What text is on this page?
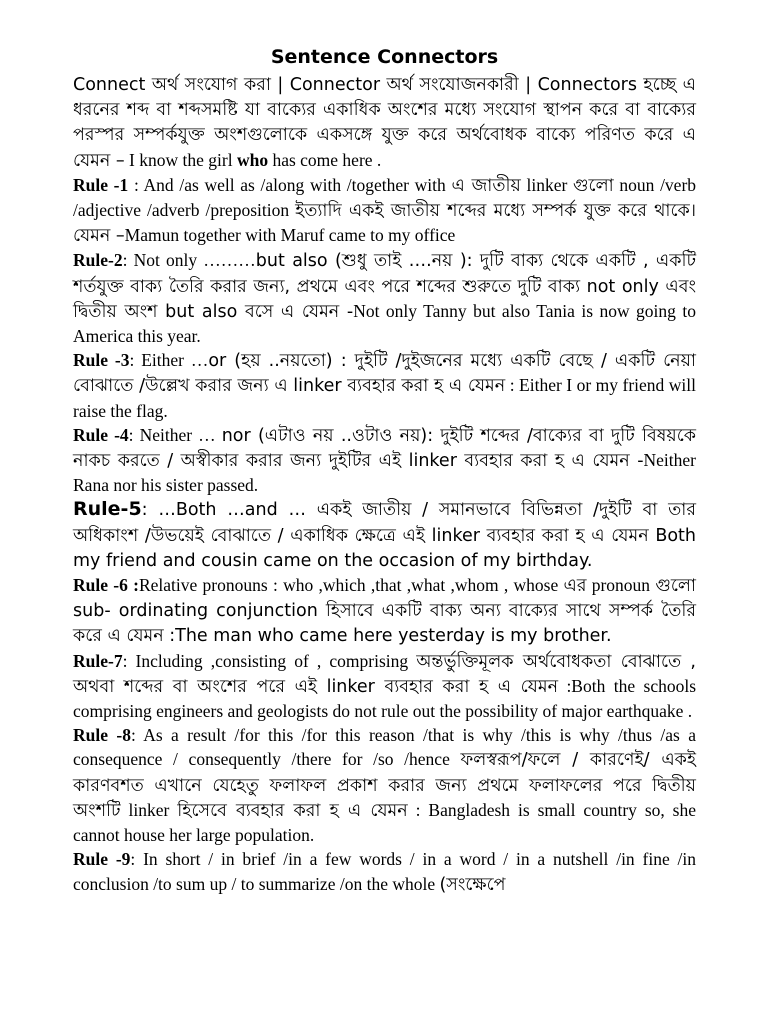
Sentence Connectors

Connect অর্থ সংযোগ করা | Connector অর্থ সংযোজনকারী | Connectors হচ্ছে এ ধরনের শব্দ বা শব্দসমষ্টি যা বাক্যের একাধিক অংশের মধ্যে সংযোগ স্থাপন করে বা বাক্যের পরস্পর সম্পর্কযুক্ত অংশগুলোকে একসঙ্গে যুক্ত করে অর্থবোধক বাক্যে পরিণত করে এ যেমন – I know the girl who has come here .

Rule -1 : And /as well as /along with /together with এ জাতীয় linker গুলো noun /verb /adjective /adverb /preposition ইত্যাদি একই জাতীয় শব্দের মধ্যে সম্পর্ক যুক্ত করে থাকে। যেমন –Mamun together with Maruf came to my office

Rule-2: Not only ………but also (শুধু তাই ….নয় ): দুটি বাক্য থেকে একটি , একটি শর্তযুক্ত বাক্য তৈরি করার জন্য, প্রথমে এবং পরে শব্দের শুরুতে দুটি বাক্য not only এবং দ্বিতীয় অংশ but also বসে এ যেমন -Not only Tanny but also Tania is now going to America this year.

Rule -3: Either …or (হয় ..নয়তো) : দুইটি /দুইজনের মধ্যে একটি বেছে / একটি নেয়া বোঝাতে /উল্লেখ করার জন্য এ linker ব্যবহার করা হ এ যেমন : Either I or my friend will raise the flag.

Rule -4: Neither … nor (এটাও নয় ..ওটাও নয়): দুইটি শব্দের /বাক্যের বা দুটি বিষয়কে নাকচ করতে / অস্বীকার করার জন্য দুইটির এই linker ব্যবহার করা হ এ যেমন -Neither Rana nor his sister passed.

Rule-5: …Both …and … একই জাতীয় / সমানভাবে বিভিন্নতা /দুইটি বা তার অধিকাংশ /উভয়েই বোঝাতে / একাধিক ক্ষেত্রে এই linker ব্যবহার করা হ এ যেমন Both my friend and cousin came on the occasion of my birthday.

Rule -6 :Relative pronouns : who ,which ,that ,what ,whom , whose এর pronoun গুলো sub- ordinating conjunction হিসাবে একটি বাক্য অন্য বাক্যের সাথে সম্পর্ক তৈরি করে এ যেমন :The man who came here yesterday is my brother.

Rule-7: Including ,consisting of , comprising অন্তর্ভুক্তিমূলক অর্থবোধকতা বোঝাতে , অথবা শব্দের বা অংশের পরে এই linker ব্যবহার করা হ এ যেমন :Both the schools comprising engineers and geologists do not rule out the possibility of major earthquake .

Rule -8: As a result /for this /for this reason /that is why /this is why /thus /as a consequence / consequently /there for /so /hence ফলস্বরূপ/ফলে / কারণেই/ একই কারণবশত এখানে যেহেতু ফলাফল প্রকাশ করার জন্য প্রথমে ফলাফলের পরে দ্বিতীয় অংশটি linker হিসেবে ব্যবহার করা হ এ যেমন : Bangladesh is small country so, she cannot house her large population.

Rule -9: In short / in brief /in a few words / in a word / in a nutshell /in fine /in conclusion /to sum up / to summarize /on the whole (সংক্ষেপে
